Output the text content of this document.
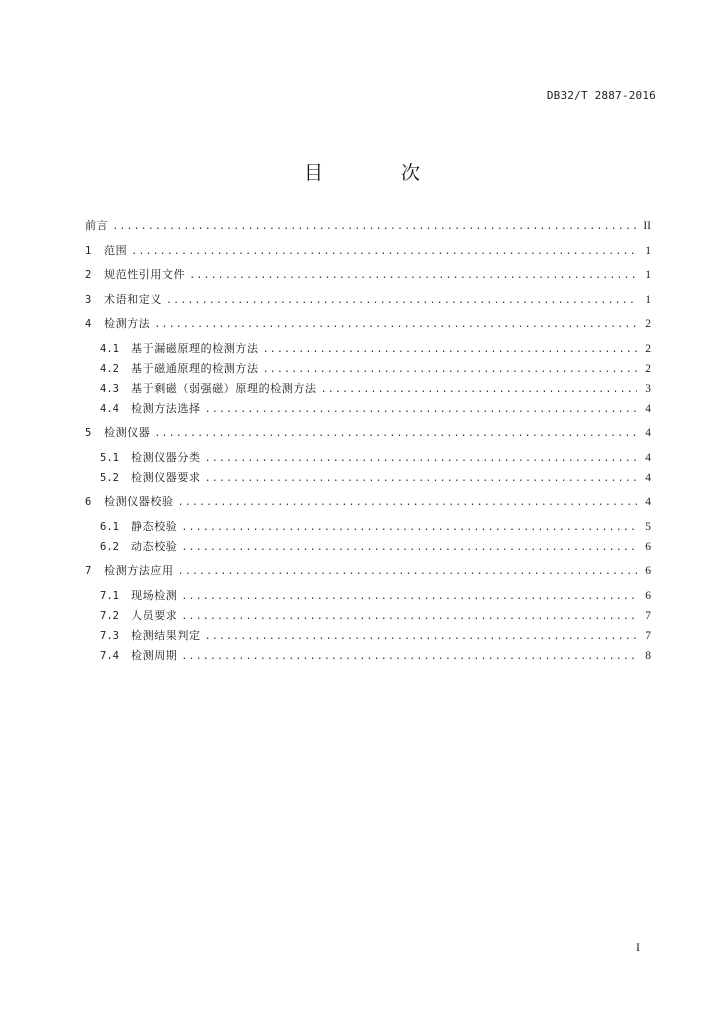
DB32/T 2887-2016
目 次
前言 .....	II
1	范围 .....	1
2	规范性引用文件 .....	1
3	术语和定义 .....	1
4	检测方法 .....	2
4.1	基于漏磁原理的检测方法 .....	2
4.2	基于磁通原理的检测方法 .....	2
4.3	基于剩磁（弱强磁）原理的检测方法 .....	3
4.4	检测方法选择 .....	4
5	检测仪器 .....	4
5.1	检测仪器分类 .....	4
5.2	检测仪器要求 .....	4
6	检测仪器校验 .....	4
6.1	静态校验 .....	5
6.2	动态校验 .....	6
7	检测方法应用 .....	6
7.1	现场检测 .....	6
7.2	人员要求 .....	7
7.3	检测结果判定 .....	7
7.4	检测周期 .....	8
I
